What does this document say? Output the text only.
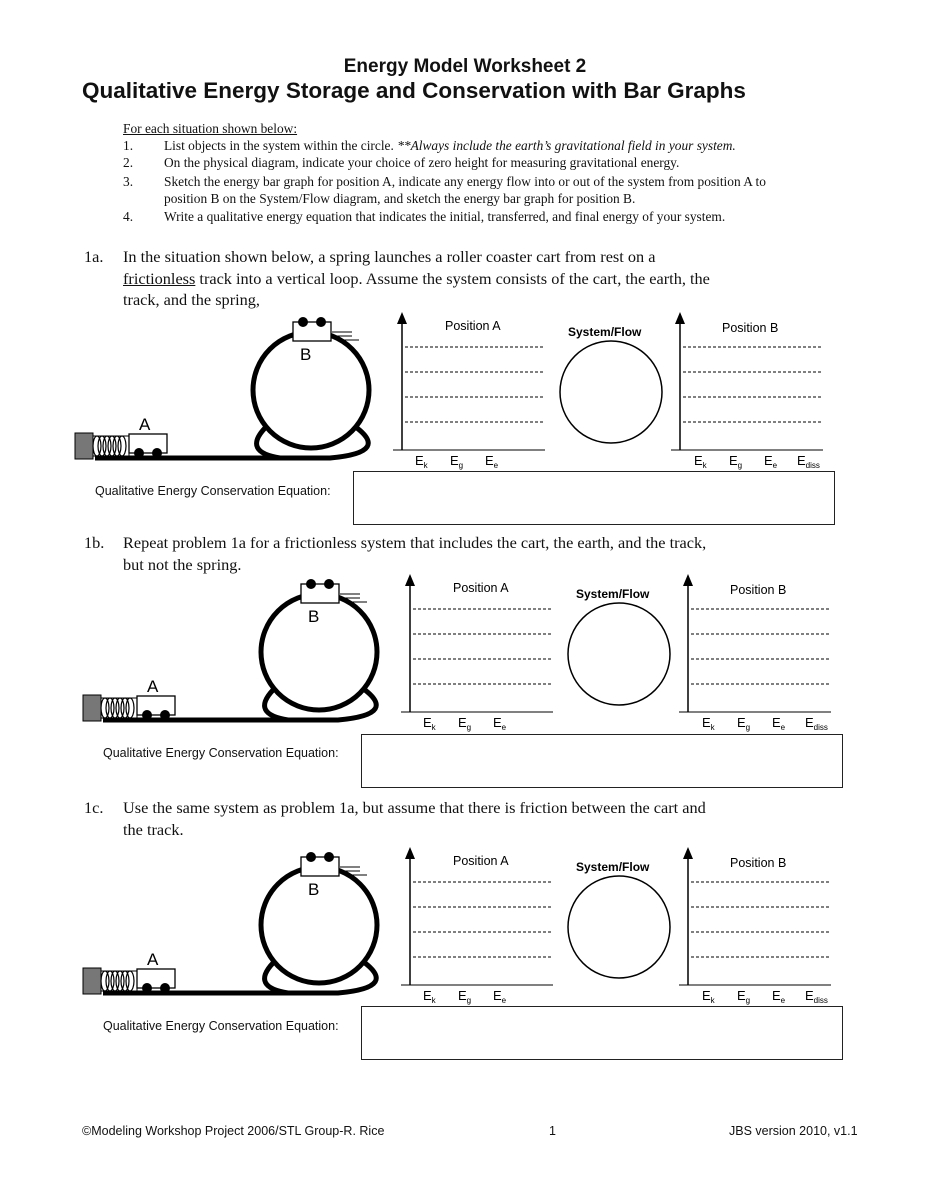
Energy Model Worksheet 2
Qualitative Energy Storage and Conservation with Bar Graphs
For each situation shown below:
1. List objects in the system within the circle. **Always include the earth’s gravitational field in your system.
2. On the physical diagram, indicate your choice of zero height for measuring gravitational energy.
3. Sketch the energy bar graph for position A, indicate any energy flow into or out of the system from position A to
position B on the System/Flow diagram, and sketch the energy bar graph for position B.
4. Write a qualitative energy equation that indicates the initial, transferred, and final energy of your system.
1a. In the situation shown below, a spring launches a roller coaster cart from rest on a
frictionless track into a vertical loop. Assume the system consists of the cart, the earth, the
track, and the spring,
1b. Repeat problem 1a for a frictionless system that includes the cart, the earth, and the track,
but not the spring.
1c. Use the same system as problem 1a, but assume that there is friction between the cart and
the track.
A
B
Position A
$E_k$ $E_g$ $E_e$
System/Flow	Position B
$E_k$ $E_g$ $E_e$ $E_{diss}$
A
B
Position A
$E_k$ $E_g$ $E_e$
System/Flow	Position B
$E_k$ $E_g$ $E_e$ $E_{diss}$
A
B
Position A
$E_k$ $E_g$ $E_e$
System/Flow	Position B
$E_k$ $E_g$ $E_e$ $E_{diss}$
Qualitative Energy Conservation Equation:
Qualitative Energy Conservation Equation:
Qualitative Energy Conservation Equation:
©Modeling Workshop Project 2006/STL Group-R. Rice	1	JBS version 2010, v1.1
